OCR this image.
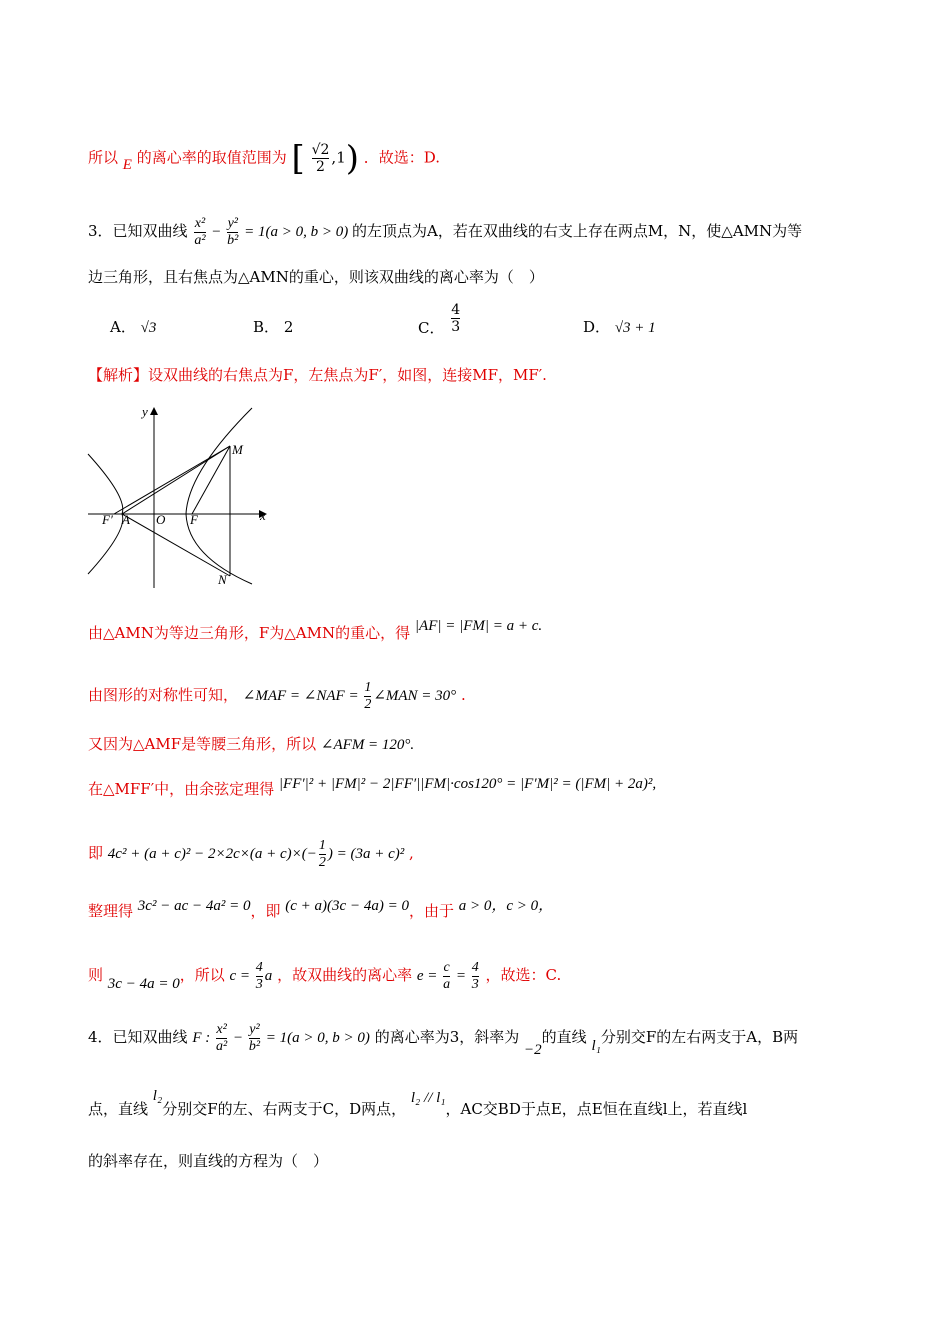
所以 E 的离心率的取值范围为 [ $\frac{√2}{2} ,1$) ．故选：D.
3．已知双曲线 $\frac{\text{x²}}{\text{a²}} - \frac{\text{y²}}{\text{b²}} = 1(a > 0$, b > 0) 的左顶点为A，若在双曲线的右支上存在两点M，N，使△AMN为等
边三角形，且右焦点为△AMN的重心，则该双曲线的离心率为（　）
A． √3	B． 2	C． $\frac{4}{3}$	D． √3 + 1
【解析】设双曲线的右焦点为F，左焦点为F′，如图，连接MF，MF′.
y
x
O
M
N
F
F′ A
由△AMN为等边三角形，F为△AMN的重心，得 |AF| = |FM| = a + c.
由图形的对称性可知， ∠MAF = ∠NAF = $\frac{1}{2}$ ∠MAN = 30° .
又因为△AMF是等腰三角形，所以 ∠AFM = 120°.
在△MFF′中，由余弦定理得 |FF′|² + |FM|² − 2|FF′||FM|·cos120° = |F′M|² = (|FM| + 2a)²,
即 $4c^2 + (a + c)^2 - 2\times 2c\times(a + c)\times(- \frac{1}{2}$ ) = (3a + c)² ,
整理得 3c² − ac − 4a² = 0，即 (c + a)(3c − 4a) = 0，由于 a > 0，c > 0，
则 3c − 4a = 0，所以 $c = \frac{4}{3}$ a ，故双曲线的离心率 $e = \frac{c}{a} = \frac{4}{3}$ ，故选：C.
4．已知双曲线 F : $\frac{\text{x²}}{\text{a²}} - \frac{\text{y²}}{\text{b²}} = 1(a > 0$, b > 0) 的离心率为3，斜率为 −2的直线 l₁分别交F的左右两支于A，B两
点，直线 l₂分别交F的左、右两支于C，D两点， l₂ // l₁，AC交BD于点E，点E恒在直线l上，若直线l
的斜率存在，则直线的方程为（　）
